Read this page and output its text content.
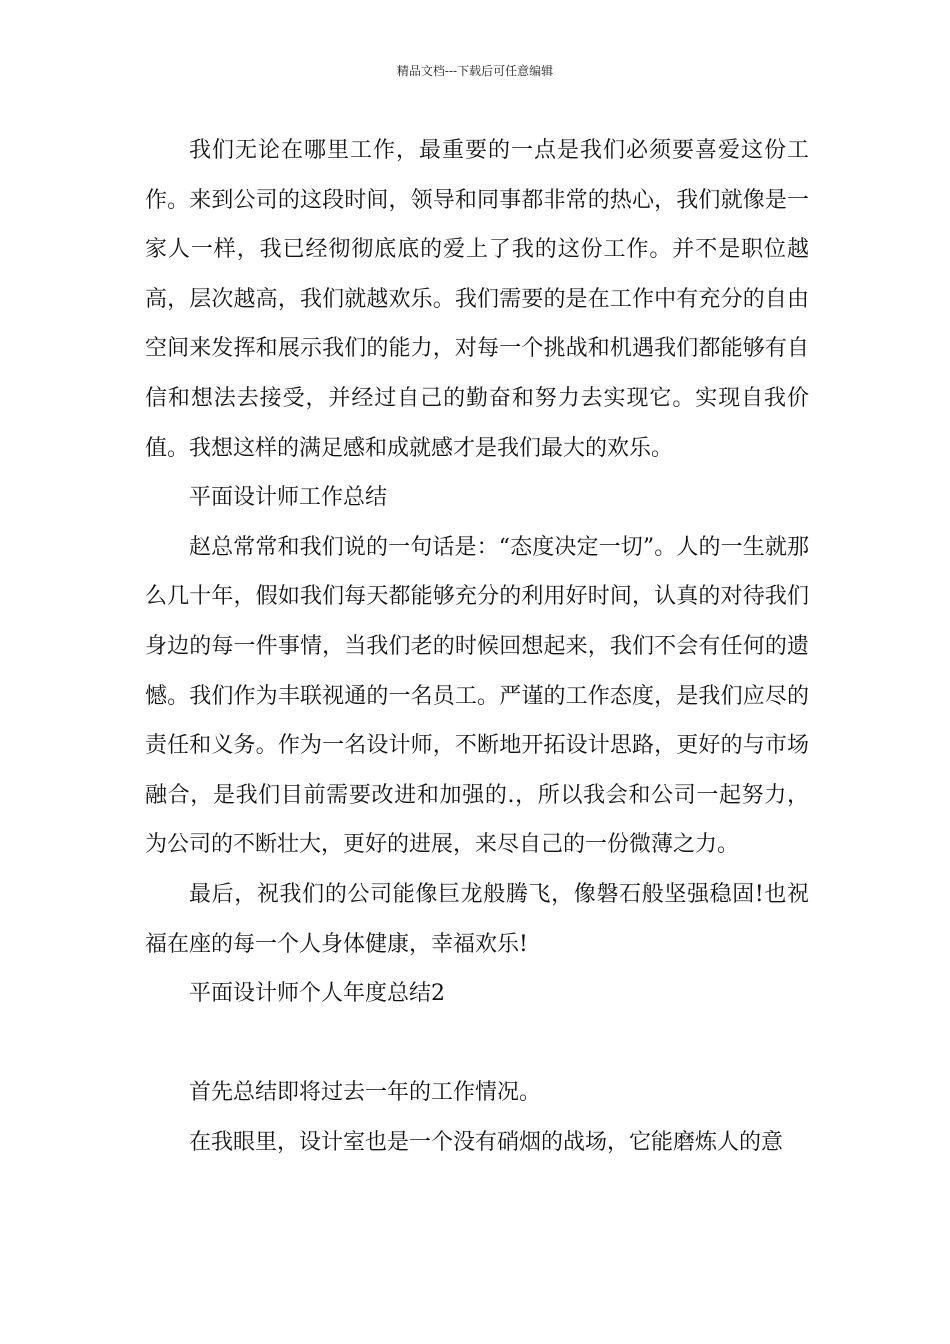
精品文档---下载后可任意编辑

我们无论在哪里工作，最重要的一点是我们必须要喜爱这份工作。来到公司的这段时间，领导和同事都非常的热心，我们就像是一家人一样，我已经彻彻底底的爱上了我的这份工作。并不是职位越高，层次越高，我们就越欢乐。我们需要的是在工作中有充分的自由空间来发挥和展示我们的能力，对每一个挑战和机遇我们都能够有自信和想法去接受，并经过自己的勤奋和努力去实现它。实现自我价值。我想这样的满足感和成就感才是我们最大的欢乐。

平面设计师工作总结

赵总常常和我们说的一句话是：“态度决定一切”。人的一生就那么几十年，假如我们每天都能够充分的利用好时间，认真的对待我们身边的每一件事情，当我们老的时候回想起来，我们不会有任何的遗憾。我们作为丰联视通的一名员工。严谨的工作态度，是我们应尽的责任和义务。作为一名设计师，不断地开拓设计思路，更好的与市场融合，是我们目前需要改进和加强的.，所以我会和公司一起努力，为公司的不断壮大，更好的进展，来尽自己的一份微薄之力。

最后，祝我们的公司能像巨龙般腾飞，像磐石般坚强稳固!也祝福在座的每一个人身体健康，幸福欢乐!

平面设计师个人年度总结2

首先总结即将过去一年的工作情况。

在我眼里，设计室也是一个没有硝烟的战场，它能磨炼人的意
